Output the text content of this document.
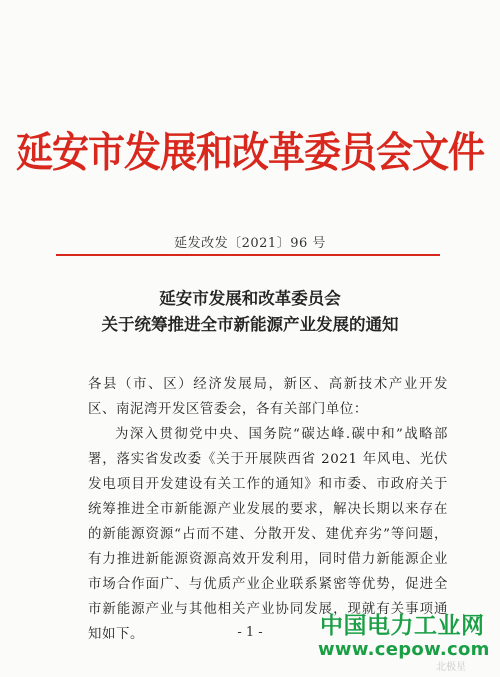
延安市发展和改革委员会文件
延发改发〔2021〕96 号
延安市发展和改革委员会
关于统筹推进全市新能源产业发展的通知

各县（市、区）经济发展局，新区、高新技术产业开发区、南泥湾开发区管委会，各有关部门单位：

为深入贯彻党中央、国务院“碳达峰.碳中和”战略部署，落实省发改委《关于开展陕西省 2021 年风电、光伏发电项目开发建设有关工作的通知》和市委、市政府关于统筹推进全市新能源产业发展的要求，解决长期以来存在的新能源资源“占而不建、分散开发、建优弃劣”等问题，有力推进新能源资源高效开发利用，同时借力新能源企业市场合作面广、与优质产业企业联系紧密等优势，促进全市新能源产业与其他相关产业协同发展，现就有关事项通知如下。	- 1 -	中国电力工业网
www.cepow.com
北极星
